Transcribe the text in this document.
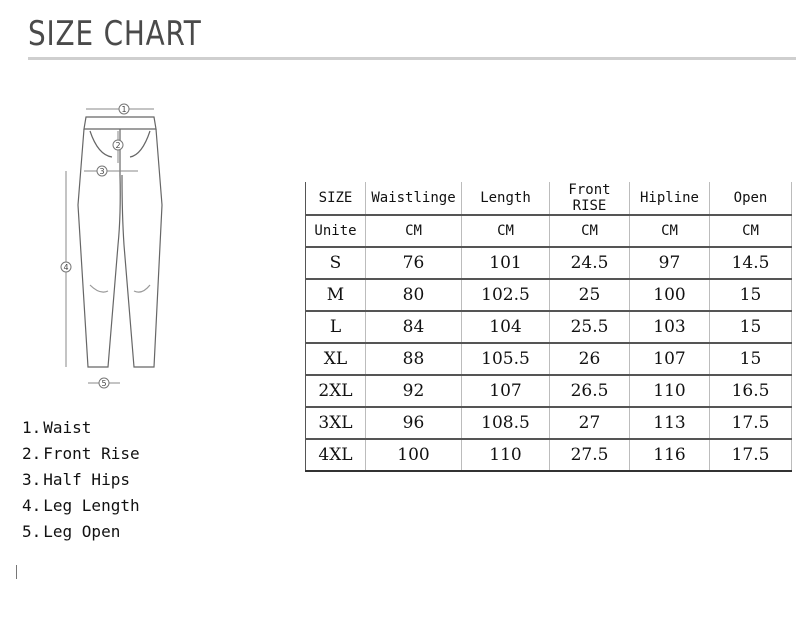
SIZE CHART
1
2
3
4
5
1. Waist
2. Front Rise
3. Half Hips
4. Leg Length
5. Leg Open
SIZE	Waistlinge	Length	Front RISE	Hipline	Open
Unite	CM	CM	CM	CM	CM
S	76	101	24.5	97	14.5
M	80	102.5	25	100	15
L	84	104	25.5	103	15
XL	88	105.5	26	107	15
2XL	92	107	26.5	110	16.5
3XL	96	108.5	27	113	17.5
4XL	100	110	27.5	116	17.5
